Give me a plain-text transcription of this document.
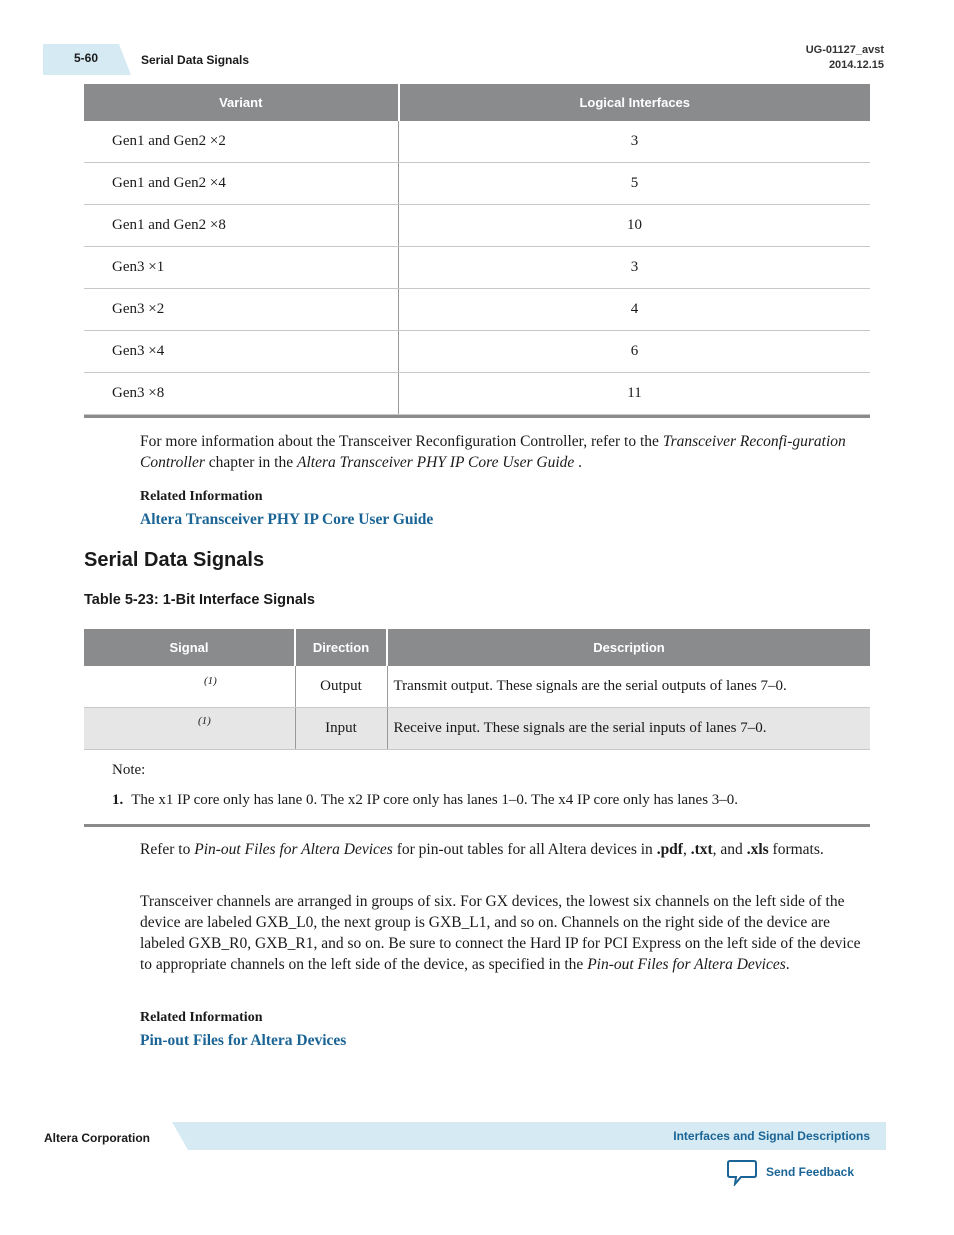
5-60	Serial Data Signals
UG-01127_avst
2014.12.15
Variant	Logical Interfaces
Gen1 and Gen2 ×2	3
Gen1 and Gen2 ×4	5
Gen1 and Gen2 ×8	10
Gen3 ×1	3
Gen3 ×2	4
Gen3 ×4	6
Gen3 ×8	11
For more information about the Transceiver Reconfiguration Controller, refer to the Transceiver Reconfi-guration Controller chapter in the Altera Transceiver PHY IP Core User Guide .
Related Information
Altera Transceiver PHY IP Core User Guide
Serial Data Signals
Table 5-23: 1-Bit Interface Signals
Signal	Direction	Description

(1)	Output	Transmit output. These signals are the serial outputs of lanes 7–0.

(1)	Input	Receive input. These signals are the serial inputs of lanes 7–0.
Note:
1. The x1 IP core only has lane 0. The x2 IP core only has lanes 1–0. The x4 IP core only has lanes 3–0.
Refer to Pin-out Files for Altera Devices for pin-out tables for all Altera devices in .pdf, .txt, and .xls formats.
Transceiver channels are arranged in groups of six. For GX devices, the lowest six channels on the left side of the device are labeled GXB_L0, the next group is GXB_L1, and so on. Channels on the right side of the device are labeled GXB_R0, GXB_R1, and so on. Be sure to connect the Hard IP for PCI Express on the left side of the device to appropriate channels on the left side of the device, as specified in the Pin-out Files for Altera Devices.
Related Information
Pin-out Files for Altera Devices
Altera Corporation	Interfaces and Signal Descriptions
Send Feedback
